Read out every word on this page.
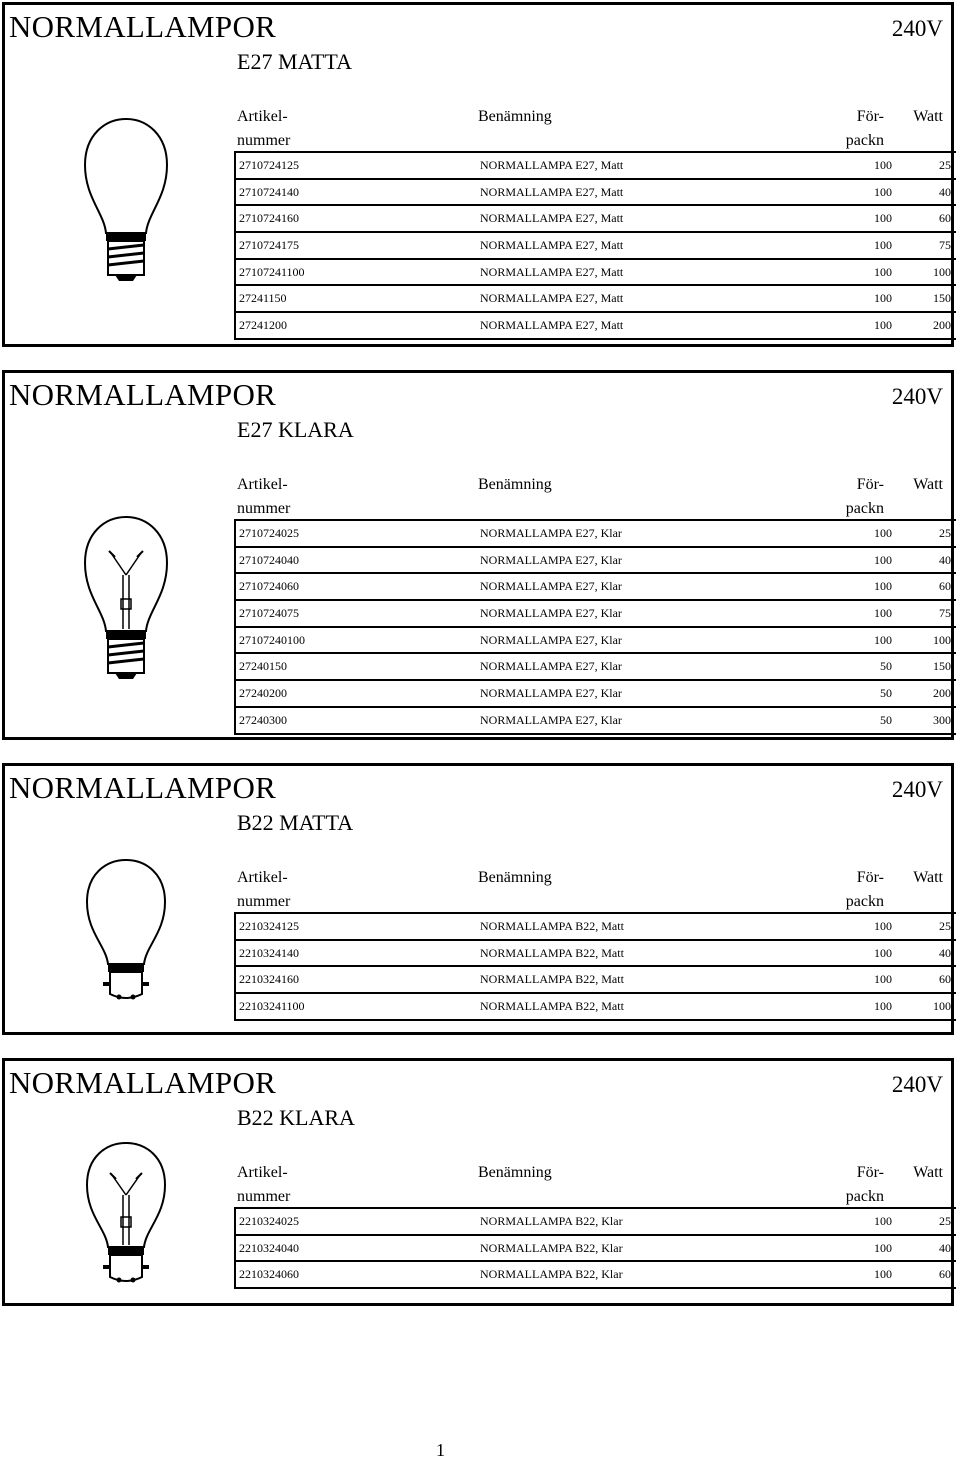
NORMALLAMPOR	240V
E27 MATTA
Artikel-
nummer
Benämning	För-
packn
Watt
2710724125	NORMALLAMPA E27, Matt	100	25
2710724140	NORMALLAMPA E27, Matt	100	40
2710724160	NORMALLAMPA E27, Matt	100	60
2710724175	NORMALLAMPA E27, Matt	100	75
27107241100	NORMALLAMPA E27, Matt	100	100
27241150	NORMALLAMPA E27, Matt	100	150
27241200	NORMALLAMPA E27, Matt	100	200
NORMALLAMPOR	240V
E27 KLARA
Artikel-
nummer
Benämning	För-
packn
Watt
2710724025	NORMALLAMPA E27, Klar	100	25
2710724040	NORMALLAMPA E27, Klar	100	40
2710724060	NORMALLAMPA E27, Klar	100	60
2710724075	NORMALLAMPA E27, Klar	100	75
27107240100	NORMALLAMPA E27, Klar	100	100
27240150	NORMALLAMPA E27, Klar	50	150
27240200	NORMALLAMPA E27, Klar	50	200
27240300	NORMALLAMPA E27, Klar	50	300
NORMALLAMPOR	240V
B22 MATTA
Artikel-
nummer
Benämning	För-
packn
Watt
2210324125	NORMALLAMPA B22, Matt	100	25
2210324140	NORMALLAMPA B22, Matt	100	40
2210324160	NORMALLAMPA B22, Matt	100	60
22103241100	NORMALLAMPA B22, Matt	100	100
NORMALLAMPOR	240V
B22 KLARA
Artikel-
nummer
Benämning	För-
packn
Watt
2210324025	NORMALLAMPA B22, Klar	100	25
2210324040	NORMALLAMPA B22, Klar	100	40
2210324060	NORMALLAMPA B22, Klar	100	60
1
